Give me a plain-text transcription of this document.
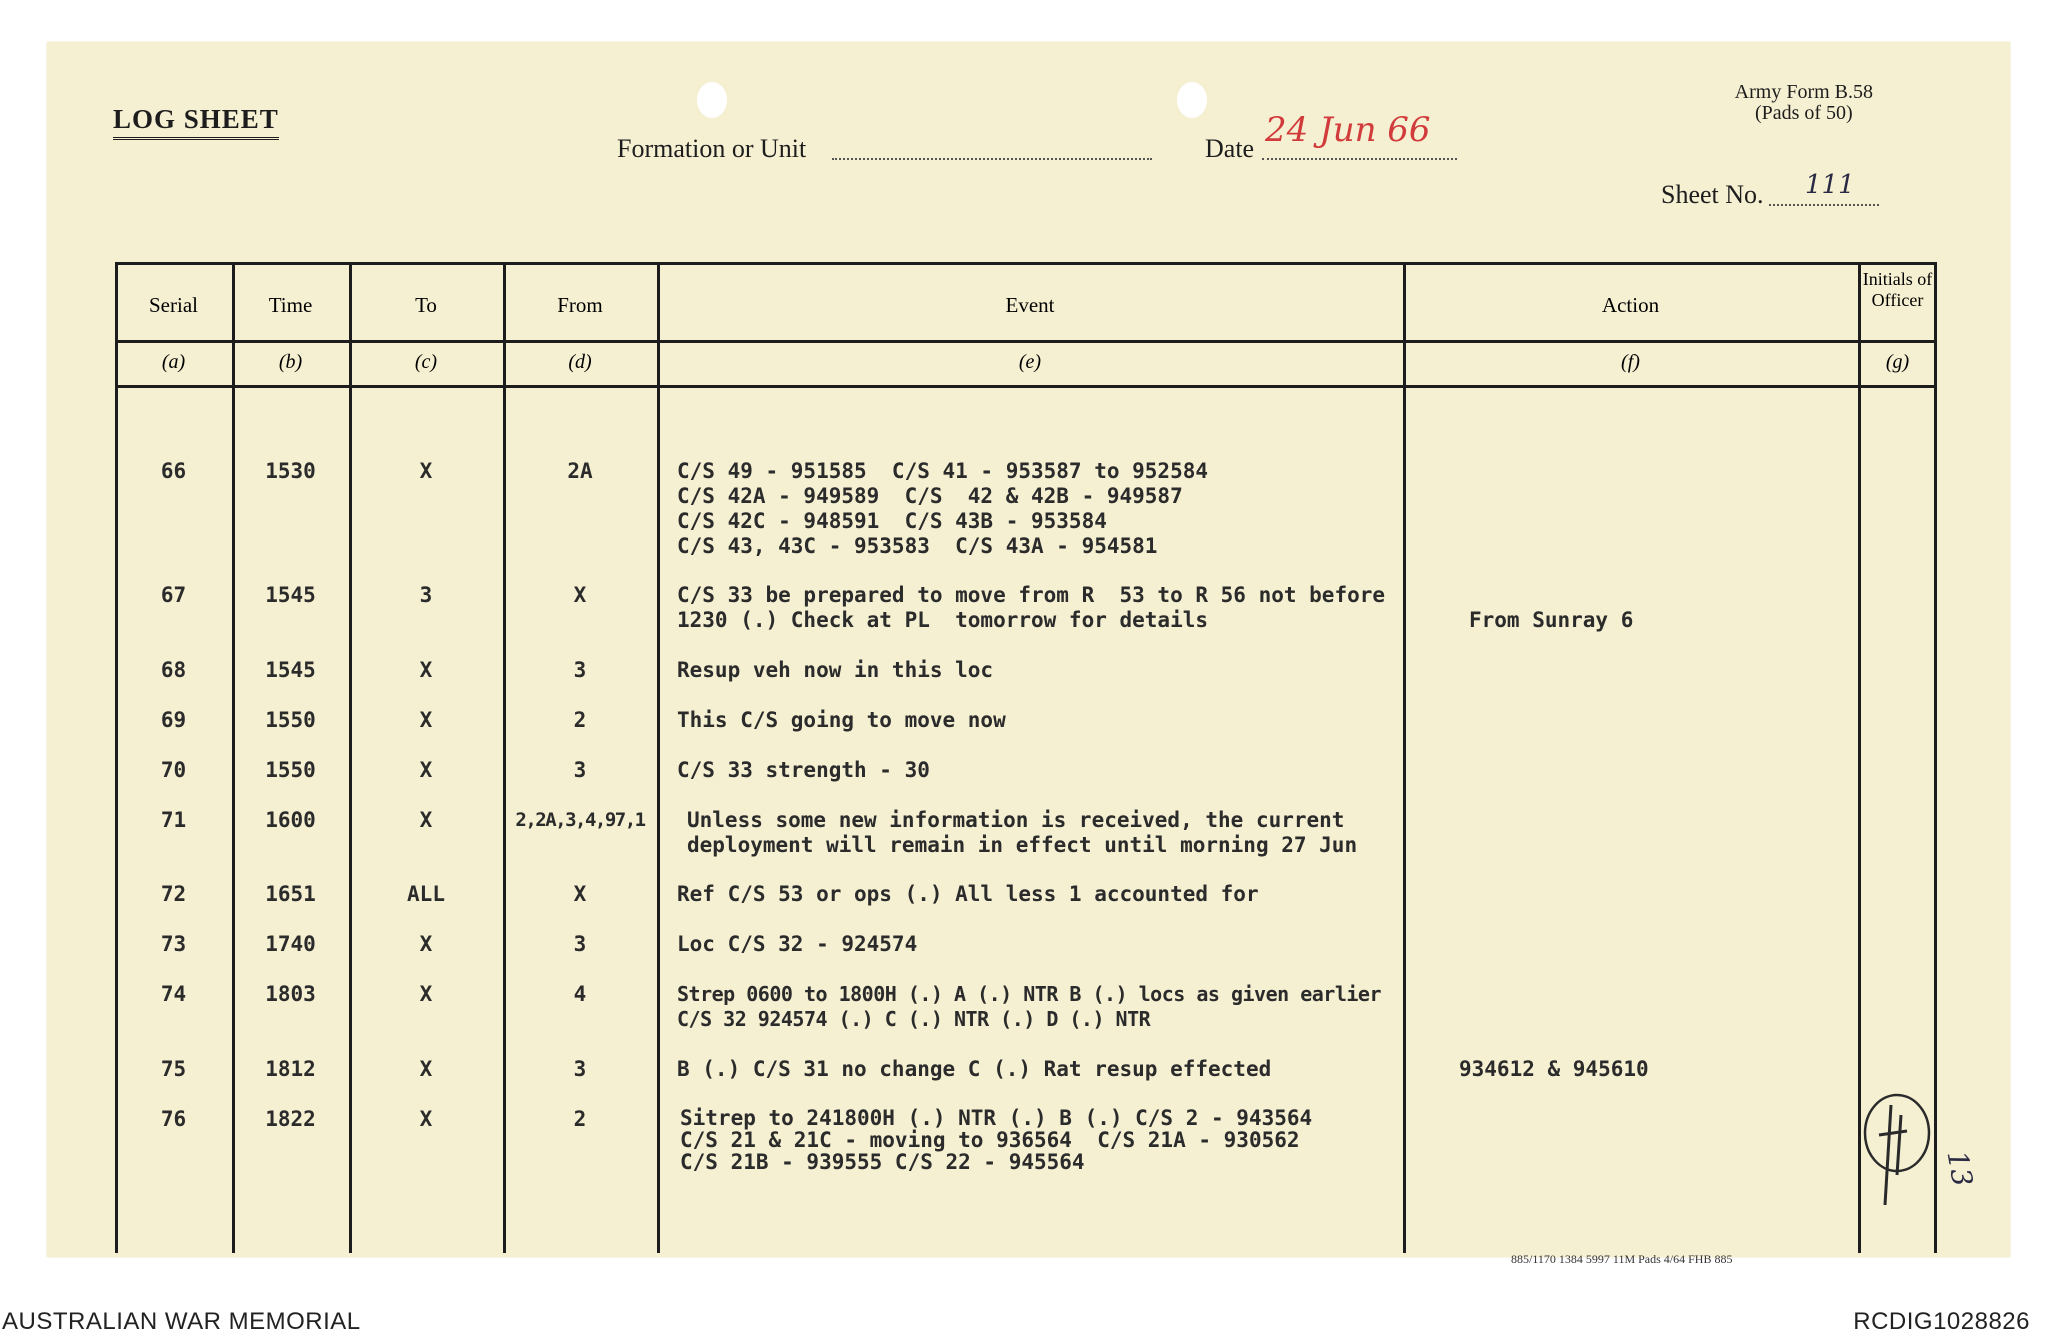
LOG SHEET
Formation or Unit	Date 24 Jun 66
Army Form B.58
(Pads of 50)
Sheet No. 111
Serial	Time	To	From	Event	Action
Initials of Officer
(a)	(b)	(c)	(d)	(e)	(f)	(g)
66	1530	X	2A	C/S 49 - 951585  C/S 41 - 953587 to 952584
C/S 42A - 949589  C/S  42 & 42B - 949587
C/S 42C - 948591  C/S 43B - 953584
C/S 43, 43C - 953583  C/S 43A - 954581
67	1545	3	X	C/S 33 be prepared to move from R  53 to R 56 not before
1230 (.) Check at PL  tomorrow for details	From Sunray 6
68	1545	X	3	Resup veh now in this loc
69	1550	X	2	This C/S going to move now
70	1550	X	3	C/S 33 strength - 30
71	1600	X	2,2A,3,4,97,1	Unless some new information is received, the current
deployment will remain in effect until morning 27 Jun
72	1651	ALL	X	Ref C/S 53 or ops (.) All less 1 accounted for
73	1740	X	3	Loc C/S 32 - 924574
74	1803	X	4	Strep 0600 to 1800H (.) A (.) NTR B (.) locs as given earlier
C/S 32 924574 (.) C (.) NTR (.) D (.) NTR
75	1812	X	3	B (.) C/S 31 no change C (.) Rat resup effected	934612 & 945610
76	1822	X	2	Sitrep to 241800H (.) NTR (.) B (.) C/S 2 - 943564
C/S 21 & 21C - moving to 936564  C/S 21A - 930562
C/S 21B - 939555 C/S 22 - 945564
885/1170 1384 5997 11M Pads 4/64 FHB 885
13
AUSTRALIAN WAR MEMORIAL	RCDIG1028826
